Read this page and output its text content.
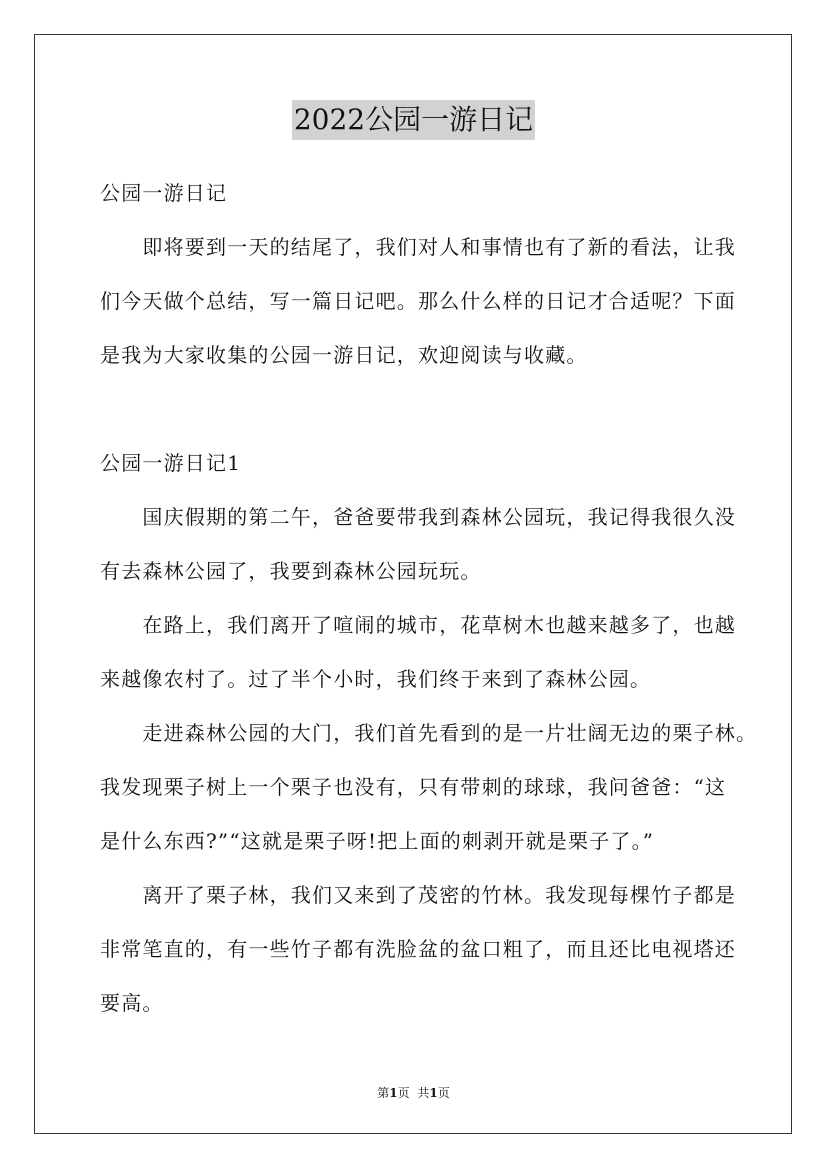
2022公园一游日记
公园一游日记
　　即将要到一天的结尾了，我们对人和事情也有了新的看法，让我
们今天做个总结，写一篇日记吧。那么什么样的日记才合适呢？下面
是我为大家收集的公园一游日记，欢迎阅读与收藏。
公园一游日记1
　　国庆假期的第二午，爸爸要带我到森林公园玩，我记得我很久没
有去森林公园了，我要到森林公园玩玩。
　　在路上，我们离开了喧闹的城市，花草树木也越来越多了，也越
来越像农村了。过了半个小时，我们终于来到了森林公园。
　　走进森林公园的大门，我们首先看到的是一片壮阔无边的栗子林。
我发现栗子树上一个栗子也没有，只有带刺的球球，我问爸爸：“这
是什么东西?”“这就是栗子呀!把上面的刺剥开就是栗子了。”
　　离开了栗子林，我们又来到了茂密的竹林。我发现每棵竹子都是
非常笔直的，有一些竹子都有洗脸盆的盆口粗了，而且还比电视塔还
要高。
第1页 共1页
